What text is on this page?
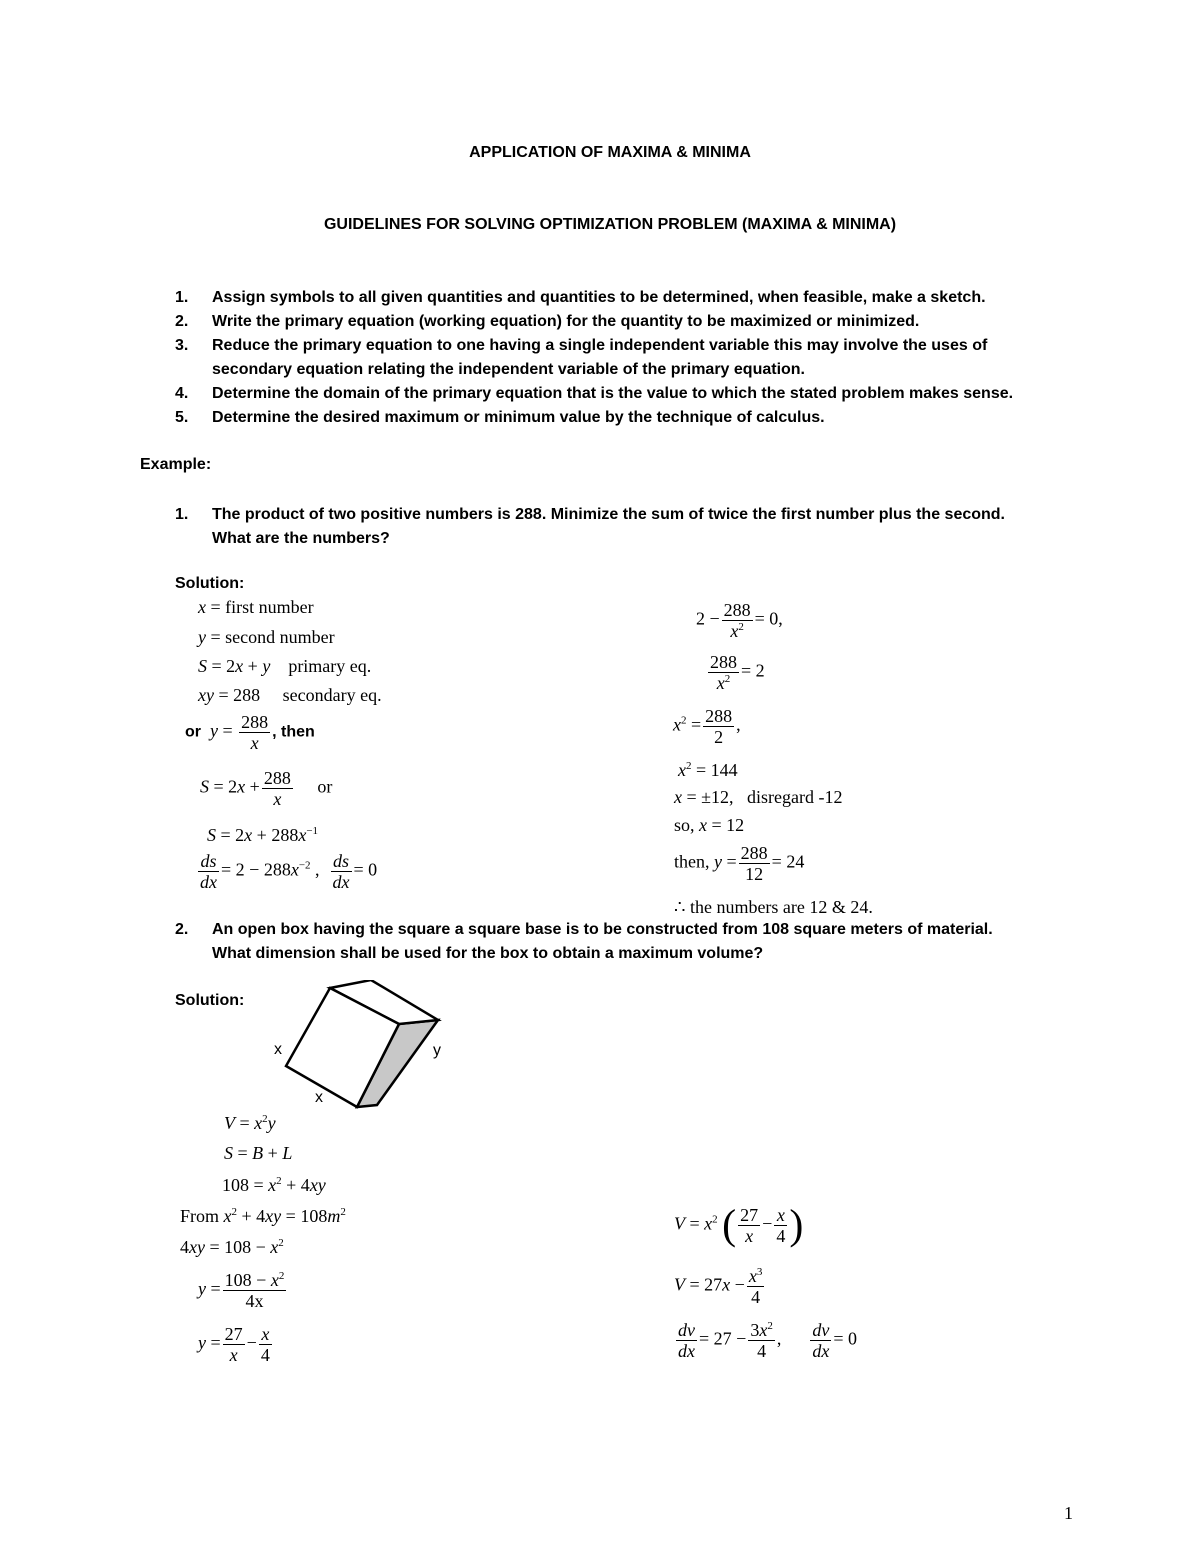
APPLICATION OF MAXIMA & MINIMA
GUIDELINES FOR SOLVING OPTIMIZATION PROBLEM (MAXIMA & MINIMA)
1.	Assign symbols to all given quantities and quantities to be determined, when feasible, make a sketch.
2.	Write the primary equation (working equation) for the quantity to be maximized or minimized.
3.	Reduce the primary equation to one having a single independent variable this may involve the uses of
secondary equation relating the independent variable of the primary equation.
4.	Determine the domain of the primary equation that is the value to which the stated problem makes sense.
5.	Determine the desired maximum or minimum value by the technique of calculus.
Example:
1.	The product of two positive numbers is 288. Minimize the sum of twice the first number plus the second.
What are the numbers?
Solution:
x = first number
y = second number
S = 2x + y primary eq.
xy = 288 secondary eq.
or $y = \frac{288}{x}$ , then
$S = 2x + \frac{288}{x}$ or
$S = 2x + 288x^{-1}$
$\frac{ds}{dx} = 2 - 288x^{-2}$ , $\frac{ds}{dx} = 0$
$2 - \frac{288}{x^2} = 0$,
$\frac{288}{x^2} = 2$
$x^2 = \frac{288}{2}$ ,
$x^2 = 144$
x = ±12,   disregard -12
so, x = 12
then, $y = \frac{288}{12} = 24$
∴ the numbers are 12 & 24.
2.	An open box having the square a square base is to be constructed from 108 square meters of material.
What dimension shall be used for the box to obtain a maximum volume?
Solution:
x
x
y
$V = x^2y$
S = B + L
$108 = x^2 + 4xy$
From $x^2 + 4xy = 108m^2$
$4xy = 108 - x^2$
$y = \frac{108 - x^2}{4x}$
$y = \frac{27}{x} - \frac{x}{4}$
$V = x^2$ ( $\frac{27}{x} - \frac{x}{4}$ )
$V = 27x - \frac{x^3}{4}$
$\frac{dv}{dx} = 27 - \frac{3x^2}{4}$ , $\frac{dv}{dx} = 0$
1
